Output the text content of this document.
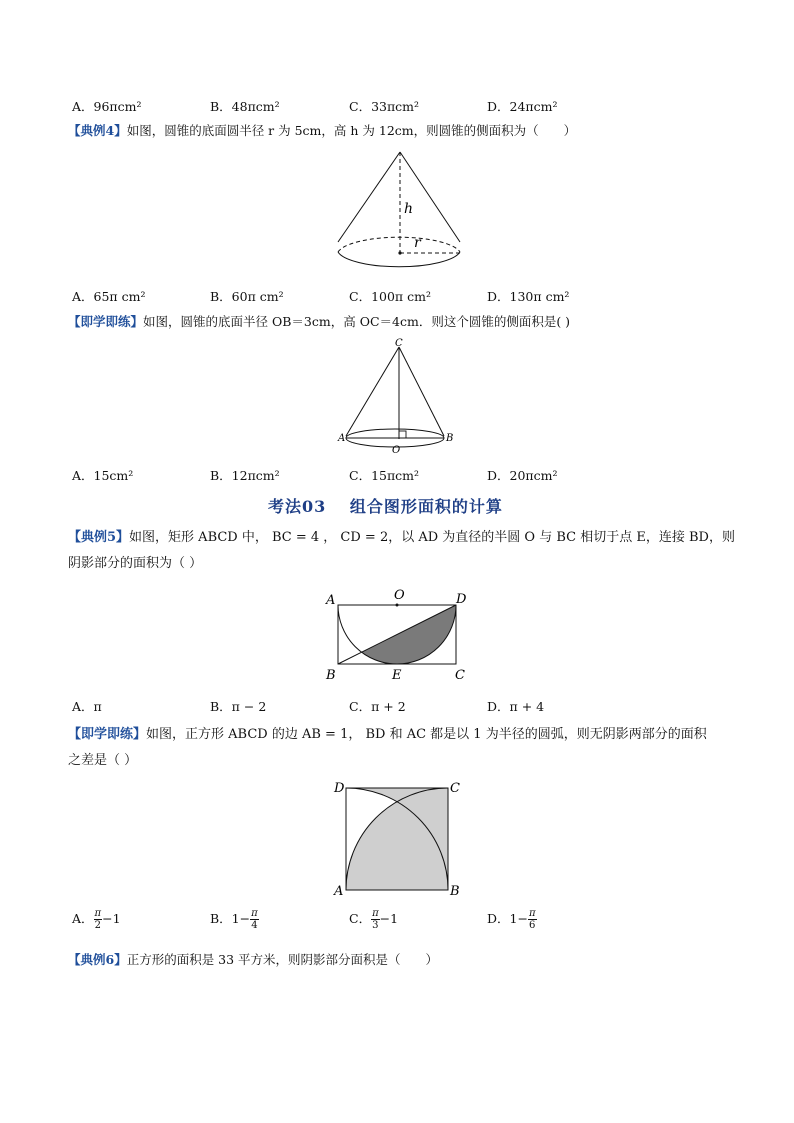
A．96πcm²	B．48πcm²	C．33πcm²	D．24πcm²
【典例4】如图，圆锥的底面圆半径 r 为 5cm，高 h 为 12cm，则圆锥的侧面积为（　　）
h
r
A．65π cm²	B．60π cm²	C．100π cm²	D．130π cm²
【即学即练】如图，圆锥的底面半径 OB＝3cm，高 OC＝4cm．则这个圆锥的侧面积是( )
C
A	B
O
A．15cm²	B．12πcm²	C．15πcm²	D．20πcm²
考法03　 组合图形面积的计算
【典例5】如图，矩形 ABCD 中， BC = 4 ， CD = 2，以 AD 为直径的半圆 O 与 BC 相切于点 E，连接 BD，则
阴影部分的面积为（ ）
A	O	D
B	E	C
A．π	B．π − 2	C．π + 2	D．π + 4
【即学即练】如图，正方形 ABCD 的边 AB = 1， BD 和 AC 都是以 1 为半径的圆弧，则无阴影两部分的面积
之差是（ ）
D	C
A	B
A． $\frac{\pi}{2} -1$	B．$1- \frac{\pi}{4}$	C． $\frac{\pi}{3} -1$	D．$1- \frac{\pi}{6}$
【典例6】正方形的面积是 33 平方米，则阴影部分面积是（　　）
